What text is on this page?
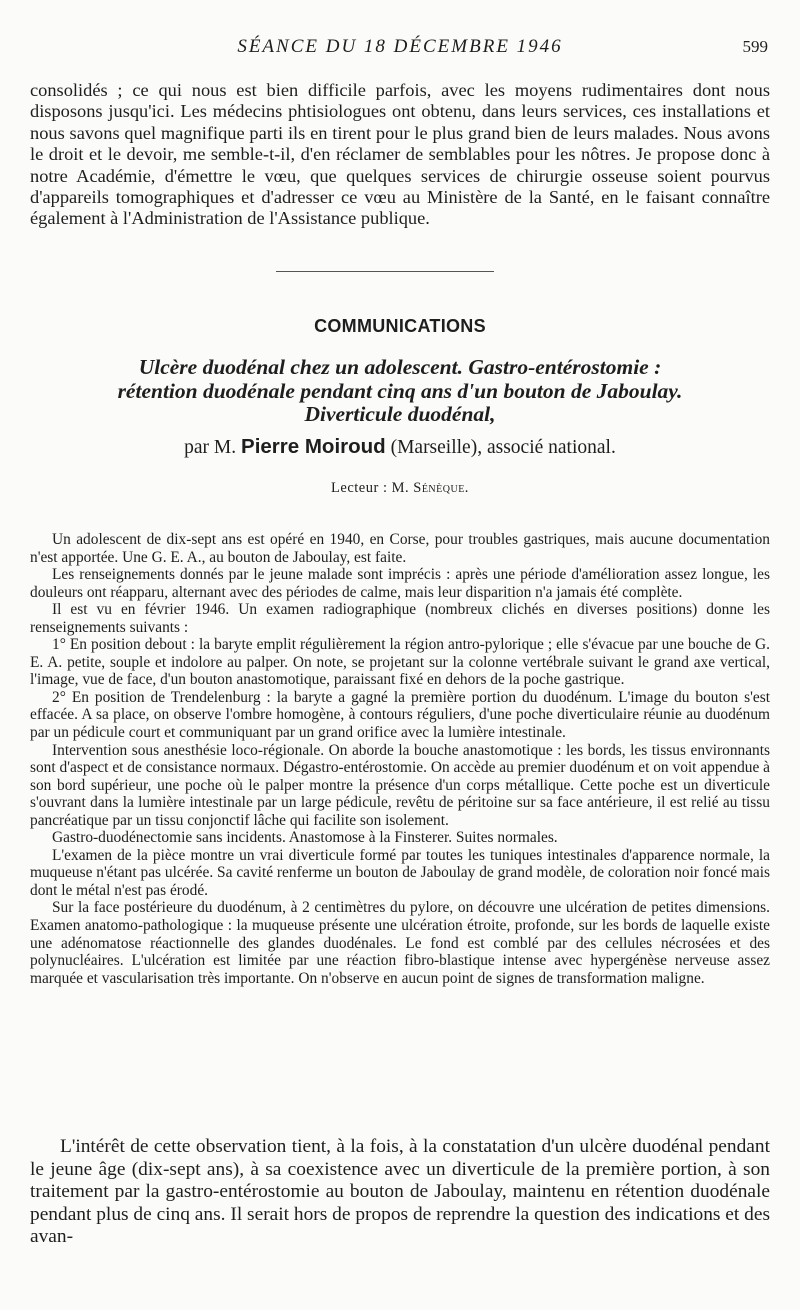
SÉANCE DU 18 DÉCEMBRE 1946	599

consolidés ; ce qui nous est bien difficile parfois, avec les moyens rudimentaires dont nous disposons jusqu'ici. Les médecins phtisiologues ont obtenu, dans leurs services, ces installations et nous savons quel magnifique parti ils en tirent pour le plus grand bien de leurs malades. Nous avons le droit et le devoir, me semble-t-il, d'en réclamer de semblables pour les nôtres. Je propose donc à notre Académie, d'émettre le vœu, que quelques services de chirurgie osseuse soient pourvus d'appareils tomographiques et d'adresser ce vœu au Ministère de la Santé, en le faisant connaître également à l'Administration de l'Assistance publique.

COMMUNICATIONS

Ulcère duodénal chez un adolescent. Gastro-entérostomie :

rétention duodénale pendant cinq ans d'un bouton de Jaboulay.

Diverticule duodénal,

par M. Pierre Moiroud (Marseille), associé national.
Lecteur : M. Sénèque.

Un adolescent de dix-sept ans est opéré en 1940, en Corse, pour troubles gastriques, mais aucune documentation n'est apportée. Une G. E. A., au bouton de Jaboulay, est faite.

Les renseignements donnés par le jeune malade sont imprécis : après une période d'amélioration assez longue, les douleurs ont réapparu, alternant avec des périodes de calme, mais leur disparition n'a jamais été complète.

Il est vu en février 1946. Un examen radiographique (nombreux clichés en diverses positions) donne les renseignements suivants :

1° En position debout : la baryte emplit régulièrement la région antro-pylorique ; elle s'évacue par une bouche de G. E. A. petite, souple et indolore au palper. On note, se projetant sur la colonne vertébrale suivant le grand axe vertical, l'image, vue de face, d'un bouton anastomotique, paraissant fixé en dehors de la poche gastrique.

2° En position de Trendelenburg : la baryte a gagné la première portion du duodénum. L'image du bouton s'est effacée. A sa place, on observe l'ombre homogène, à contours réguliers, d'une poche diverticulaire réunie au duodénum par un pédicule court et communiquant par un grand orifice avec la lumière intestinale.

Intervention sous anesthésie loco-régionale. On aborde la bouche anastomotique : les bords, les tissus environnants sont d'aspect et de consistance normaux. Dégastro-entérostomie. On accède au premier duodénum et on voit appendue à son bord supérieur, une poche où le palper montre la présence d'un corps métallique. Cette poche est un diverticule s'ouvrant dans la lumière intestinale par un large pédicule, revêtu de péritoine sur sa face antérieure, il est relié au tissu pancréatique par un tissu conjonctif lâche qui facilite son isolement.

Gastro-duodénectomie sans incidents. Anastomose à la Finsterer. Suites normales.

L'examen de la pièce montre un vrai diverticule formé par toutes les tuniques intestinales d'apparence normale, la muqueuse n'étant pas ulcérée. Sa cavité renferme un bouton de Jaboulay de grand modèle, de coloration noir foncé mais dont le métal n'est pas érodé.

Sur la face postérieure du duodénum, à 2 centimètres du pylore, on découvre une ulcération de petites dimensions. Examen anatomo-pathologique : la muqueuse présente une ulcération étroite, profonde, sur les bords de laquelle existe une adénomatose réactionnelle des glandes duodénales. Le fond est comblé par des cellules nécrosées et des polynucléaires. L'ulcération est limitée par une réaction fibro-blastique intense avec hypergénèse nerveuse assez marquée et vascularisation très importante. On n'observe en aucun point de signes de transformation maligne.

L'intérêt de cette observation tient, à la fois, à la constatation d'un ulcère duodénal pendant le jeune âge (dix-sept ans), à sa coexistence avec un diverticule de la première portion, à son traitement par la gastro-entérostomie au bouton de Jaboulay, maintenu en rétention duodénale pendant plus de cinq ans. Il serait hors de propos de reprendre la question des indications et des avan-
